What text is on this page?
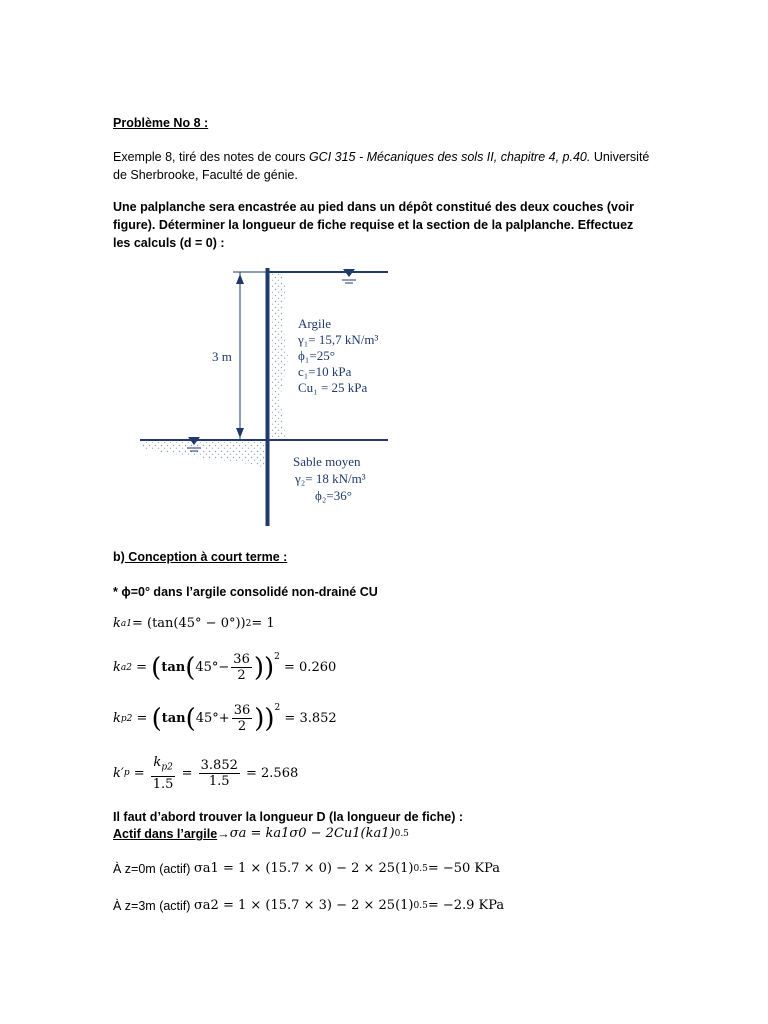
Problème No 8 :
Exemple 8, tiré des notes de cours GCI 315 - Mécaniques des sols II, chapitre 4, p.40. Université de Sherbrooke, Faculté de génie.
Une palplanche sera encastrée au pied dans un dépôt constitué des deux couches (voir figure). Déterminer la longueur de fiche requise et la section de la palplanche. Effectuez les calculs (d = 0) :
3 m
Argile
γ₁= 15,7 kN/m³
ϕ₁=25°
c₁=10 kPa
Cu₁ = 25 kPa
Sable moyen
γ₂= 18 kN/m³
ϕ₂=36°
b) Conception à court terme :
* ϕ=0° dans l’argile consolidé non-drainé CU
k a1 = (tan(45° − 0°)) 2 = 1
k a2 = ( tan ( $45^\circ- \frac{36}{2}$ )) 2

= 0.260
k p2 = ( tan ( $45^\circ+ \frac{36}{2}$ )) 2

= 3.852
k′ $p = \frac{k_{p2}}{1.5} = \frac{3.852}{1.5}$
= 2.568
Il faut d’abord trouver la longueur D (la longueur de fiche) :
Actif dans l’argile → σa = ka1σ0 − 2Cu1(ka1) 0.5
À z=0m (actif)
σa1 = 1 × (15.7 × 0) − 2 × 25(1) 0.5 = −50 KPa
À z=3m (actif)
σa2 = 1 × (15.7 × 3) − 2 × 25(1) 0.5 = −2.9 KPa
